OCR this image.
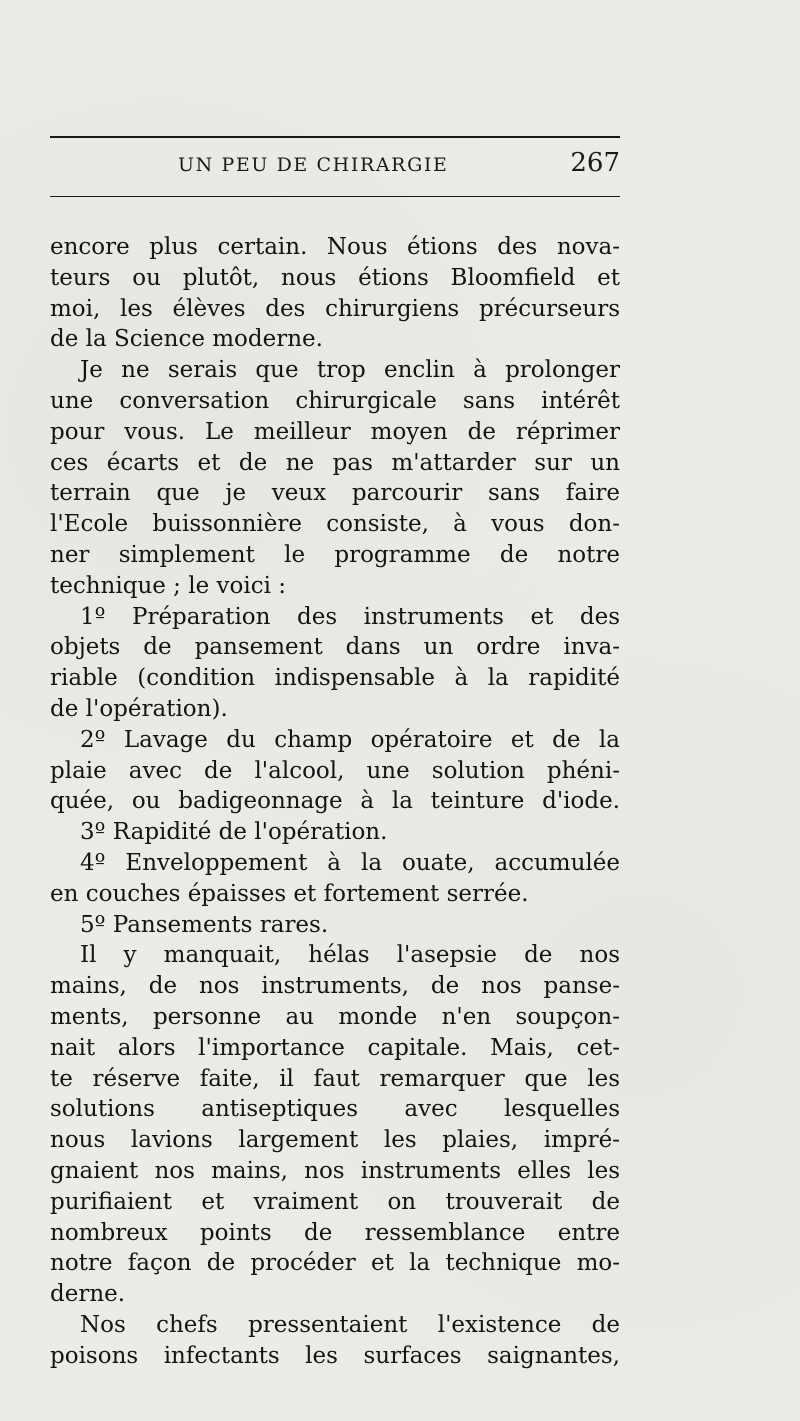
UN PEU DE CHIRARGIE	267
encore plus certain. Nous étions des nova-
teurs ou plutôt, nous étions Bloomfield et
moi, les élèves des chirurgiens précurseurs
de la Science moderne.
Je ne serais que trop enclin à prolonger
une conversation chirurgicale sans intérêt
pour vous. Le meilleur moyen de réprimer
ces écarts et de ne pas m'attarder sur un
terrain que je veux parcourir sans faire
l'Ecole buissonnière consiste, à vous don-
ner simplement le programme de notre
technique ; le voici :
1º Préparation des instruments et des
objets de pansement dans un ordre inva-
riable (condition indispensable à la rapidité
de l'opération).
2º Lavage du champ opératoire et de la
plaie avec de l'alcool, une solution phéni-
quée, ou badigeonnage à la teinture d'iode.
3º Rapidité de l'opération.
4º Enveloppement à la ouate, accumulée
en couches épaisses et fortement serrée.
5º Pansements rares.
Il y manquait, hélas l'asepsie de nos
mains, de nos instruments, de nos panse-
ments, personne au monde n'en soupçon-
nait alors l'importance capitale. Mais, cet-
te réserve faite, il faut remarquer que les
solutions antiseptiques avec lesquelles
nous lavions largement les plaies, impré-
gnaient nos mains, nos instruments elles les
purifiaient et vraiment on trouverait de
nombreux points de ressemblance entre
notre façon de procéder et la technique mo-
derne.
Nos chefs pressentaient l'existence de
poisons infectants les surfaces saignantes,
